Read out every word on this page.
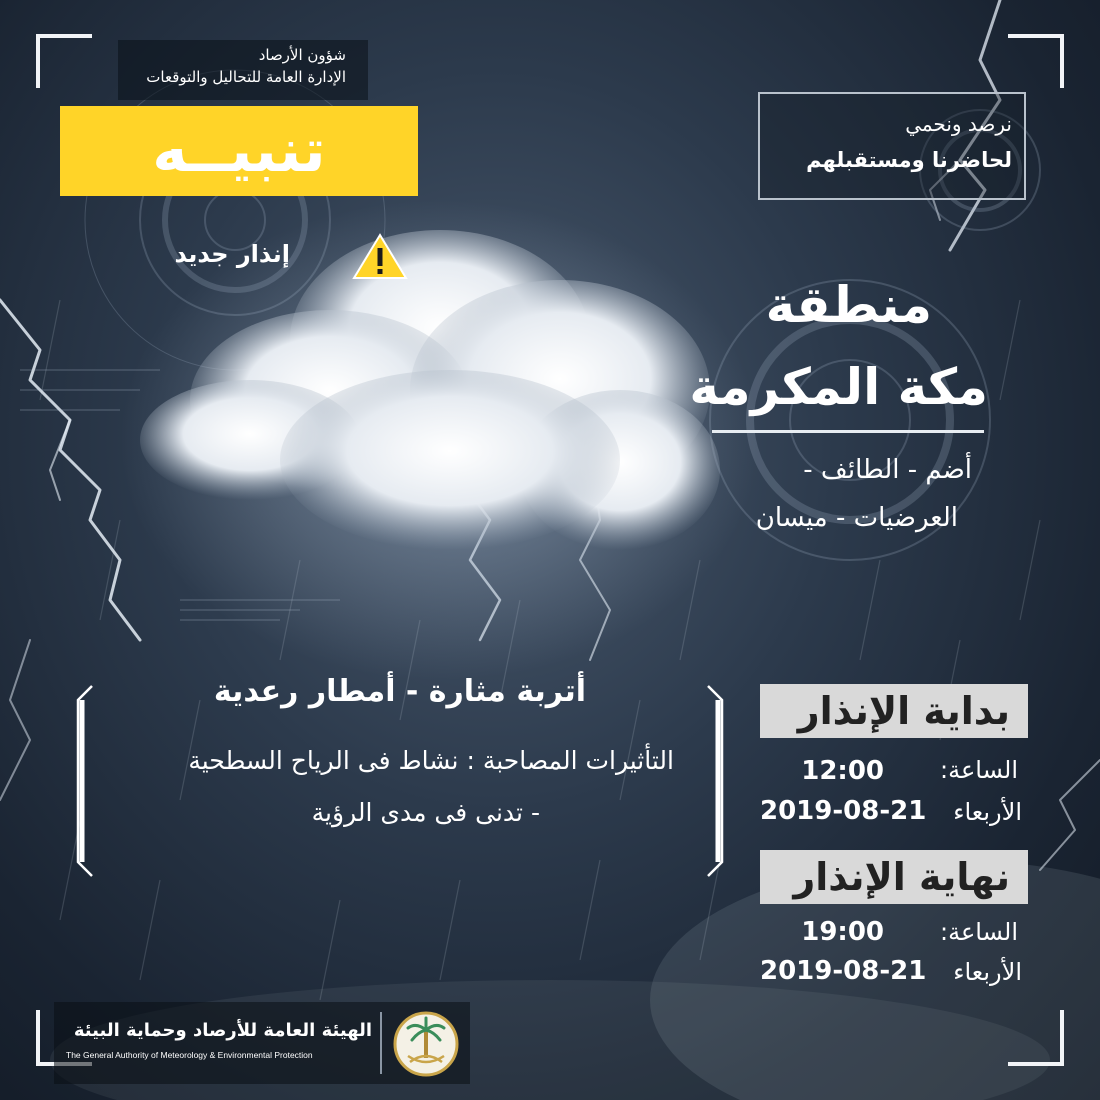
شؤون الأرصاد
الإدارة العامة للتحاليل والتوقعات
تنبيــه
إنذار جديد
نرصد ونحمي
لحاضرنا ومستقبلهم
منطقة
مكة المكرمة
أضم - الطائف -
العرضيات - ميسان
أتربة مثارة - أمطار رعدية
التأثيرات المصاحبة : نشاط فى الرياح السطحية
- تدنى فى مدى الرؤية
بداية الإنذار
الساعة:
12:00
الأربعاء
2019-08-21
نهاية الإنذار
الساعة:
19:00
الأربعاء
2019-08-21
الهيئة العامة للأرصاد وحماية البيئة
The General Authority of Meteorology & Environmental Protection
